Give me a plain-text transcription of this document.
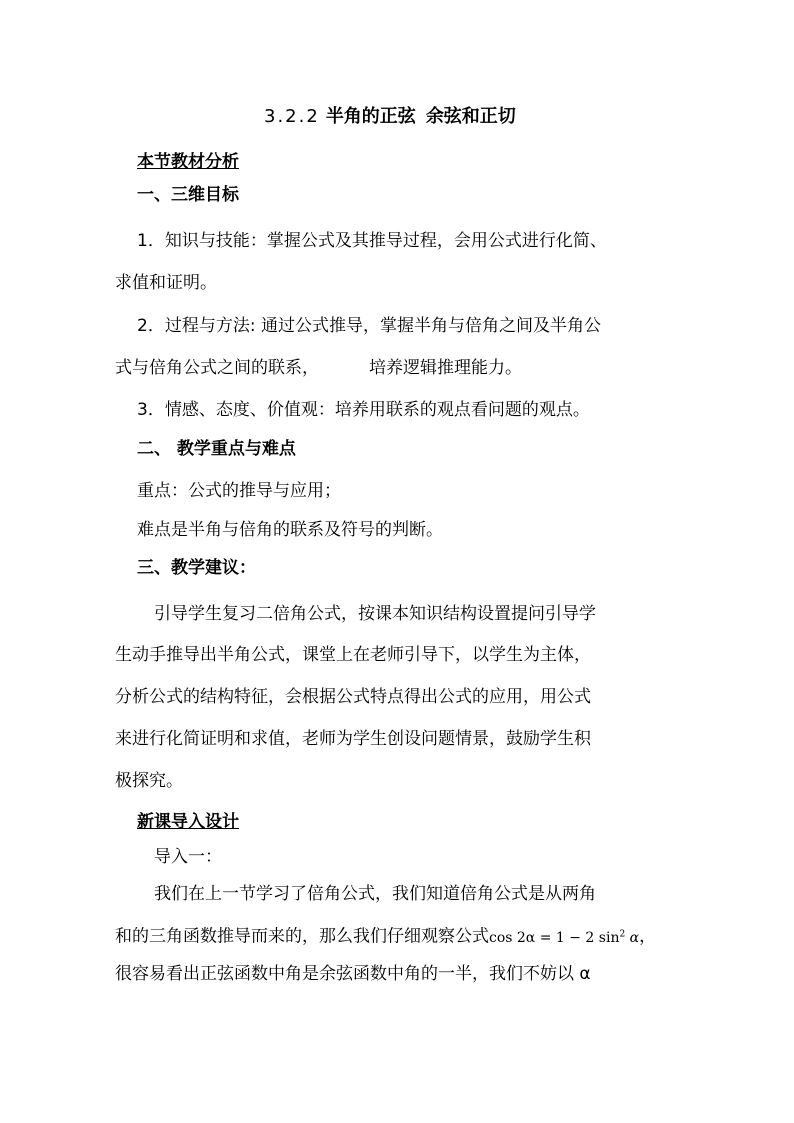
3.2.2 半角的正弦 余弦和正切
本节教材分析
一、三维目标
1．知识与技能：掌握公式及其推导过程，会用公式进行化简、
求值和证明。
2．过程与方法: 通过公式推导，掌握半角与倍角之间及半角公
式与倍角公式之间的联系，	培养逻辑推理能力。
3．情感、态度、价值观：培养用联系的观点看问题的观点。
二、 教学重点与难点
重点：公式的推导与应用；
难点是半角与倍角的联系及符号的判断。
三、教学建议：
引导学生复习二倍角公式，按课本知识结构设置提问引导学
生动手推导出半角公式，课堂上在老师引导下，以学生为主体，
分析公式的结构特征，会根据公式特点得出公式的应用，用公式
来进行化简证明和求值，老师为学生创设问题情景，鼓励学生积
极探究。
新课导入设计
导入一：
我们在上一节学习了倍角公式，我们知道倍角公式是从两角
和的三角函数推导而来的，那么我们仔细观察公式cos 2α = 1 − 2 $\sin^2 \alpha$，
很容易看出正弦函数中角是余弦函数中角的一半，我们不妨以 α
